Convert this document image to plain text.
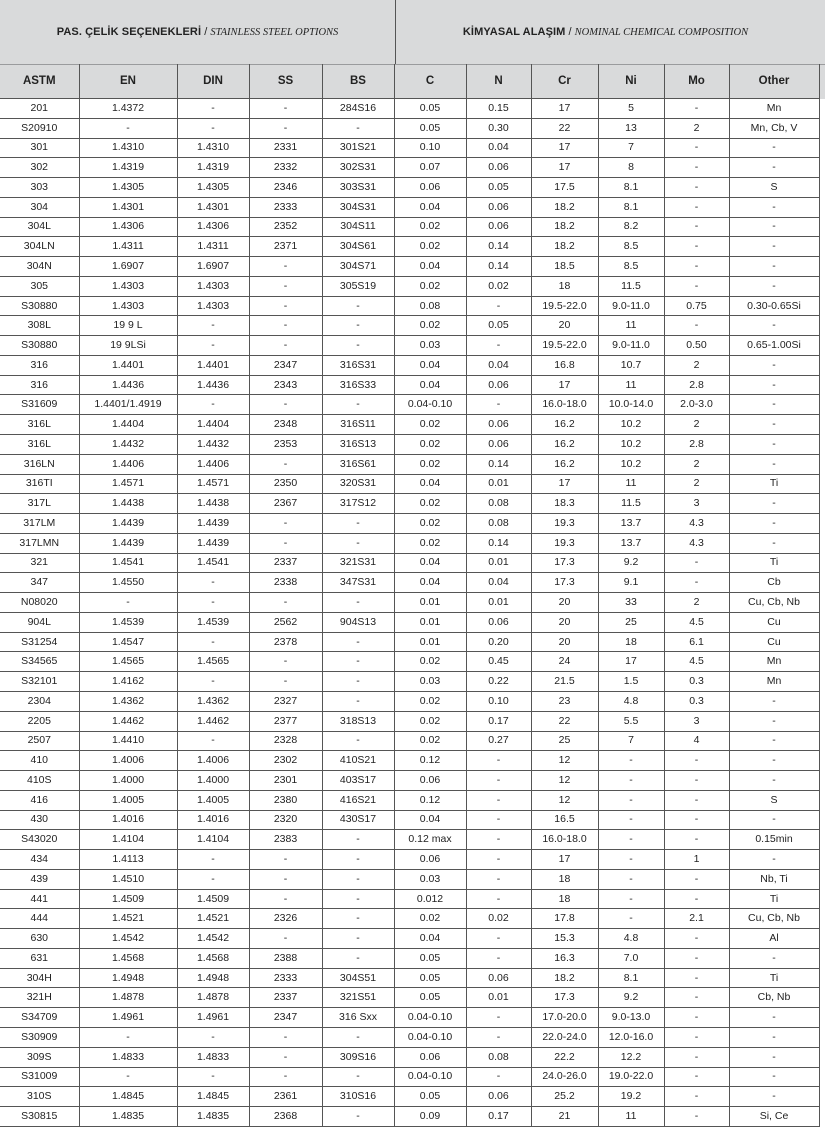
PAS. ÇELİK SEÇENEKLERİ
/
STAINLESS STEEL OPTIONS	KİMYASAL ALAŞIM
/
NOMINAL CHEMICAL COMPOSITION
ASTM	EN	DIN	SS	BS	C	N	Cr	Ni	Mo	Other
201	1.4372	-	-	284S16	0.05	0.15	17	5	-	Mn
S20910	-	-	-	-	0.05	0.30	22	13	2	Mn, Cb, V
301	1.4310	1.4310	2331	301S21	0.10	0.04	17	7	-	-
302	1.4319	1.4319	2332	302S31	0.07	0.06	17	8	-	-
303	1.4305	1.4305	2346	303S31	0.06	0.05	17.5	8.1	-	S
304	1.4301	1.4301	2333	304S31	0.04	0.06	18.2	8.1	-	-
304L	1.4306	1.4306	2352	304S11	0.02	0.06	18.2	8.2	-	-
304LN	1.4311	1.4311	2371	304S61	0.02	0.14	18.2	8.5	-	-
304N	1.6907	1.6907	-	304S71	0.04	0.14	18.5	8.5	-	-
305	1.4303	1.4303	-	305S19	0.02	0.02	18	11.5	-	-
S30880	1.4303	1.4303	-	-	0.08	-	19.5-22.0	9.0-11.0	0.75	0.30-0.65Si
308L	19 9 L	-	-	-	0.02	0.05	20	11	-	-
S30880	19 9LSi	-	-	-	0.03	-	19.5-22.0	9.0-11.0	0.50	0.65-1.00Si
316	1.4401	1.4401	2347	316S31	0.04	0.04	16.8	10.7	2	-
316	1.4436	1.4436	2343	316S33	0.04	0.06	17	11	2.8	-
S31609	1.4401/1.4919	-	-	-	0.04-0.10	-	16.0-18.0	10.0-14.0	2.0-3.0	-
316L	1.4404	1.4404	2348	316S11	0.02	0.06	16.2	10.2	2	-
316L	1.4432	1.4432	2353	316S13	0.02	0.06	16.2	10.2	2.8	-
316LN	1.4406	1.4406	-	316S61	0.02	0.14	16.2	10.2	2	-
316TI	1.4571	1.4571	2350	320S31	0.04	0.01	17	11	2	Ti
317L	1.4438	1.4438	2367	317S12	0.02	0.08	18.3	11.5	3	-
317LM	1.4439	1.4439	-	-	0.02	0.08	19.3	13.7	4.3	-
317LMN	1.4439	1.4439	-	-	0.02	0.14	19.3	13.7	4.3	-
321	1.4541	1.4541	2337	321S31	0.04	0.01	17.3	9.2	-	Ti
347	1.4550	-	2338	347S31	0.04	0.04	17.3	9.1	-	Cb
N08020	-	-	-	-	0.01	0.01	20	33	2	Cu, Cb, Nb
904L	1.4539	1.4539	2562	904S13	0.01	0.06	20	25	4.5	Cu
S31254	1.4547	-	2378	-	0.01	0.20	20	18	6.1	Cu
S34565	1.4565	1.4565	-	-	0.02	0.45	24	17	4.5	Mn
S32101	1.4162	-	-	-	0.03	0.22	21.5	1.5	0.3	Mn
2304	1.4362	1.4362	2327	-	0.02	0.10	23	4.8	0.3	-
2205	1.4462	1.4462	2377	318S13	0.02	0.17	22	5.5	3	-
2507	1.4410	-	2328	-	0.02	0.27	25	7	4	-
410	1.4006	1.4006	2302	410S21	0.12	-	12	-	-	-
410S	1.4000	1.4000	2301	403S17	0.06	-	12	-	-	-
416	1.4005	1.4005	2380	416S21	0.12	-	12	-	-	S
430	1.4016	1.4016	2320	430S17	0.04	-	16.5	-	-	-
S43020	1.4104	1.4104	2383	-	0.12 max	-	16.0-18.0	-	-	0.15min
434	1.4113	-	-	-	0.06	-	17	-	1	-
439	1.4510	-	-	-	0.03	-	18	-	-	Nb, Ti
441	1.4509	1.4509	-	-	0.012	-	18	-	-	Ti
444	1.4521	1.4521	2326	-	0.02	0.02	17.8	-	2.1	Cu, Cb, Nb
630	1.4542	1.4542	-	-	0.04	-	15.3	4.8	-	Al
631	1.4568	1.4568	2388	-	0.05	-	16.3	7.0	-	-
304H	1.4948	1.4948	2333	304S51	0.05	0.06	18.2	8.1	-	Ti
321H	1.4878	1.4878	2337	321S51	0.05	0.01	17.3	9.2	-	Cb, Nb
S34709	1.4961	1.4961	2347	316 Sxx	0.04-0.10	-	17.0-20.0	9.0-13.0	-	-
S30909	-	-	-	-	0.04-0.10	-	22.0-24.0	12.0-16.0	-	-
309S	1.4833	1.4833	-	309S16	0.06	0.08	22.2	12.2	-	-
S31009	-	-	-	-	0.04-0.10	-	24.0-26.0	19.0-22.0	-	-
310S	1.4845	1.4845	2361	310S16	0.05	0.06	25.2	19.2	-	-
S30815	1.4835	1.4835	2368	-	0.09	0.17	21	11	-	Si, Ce
